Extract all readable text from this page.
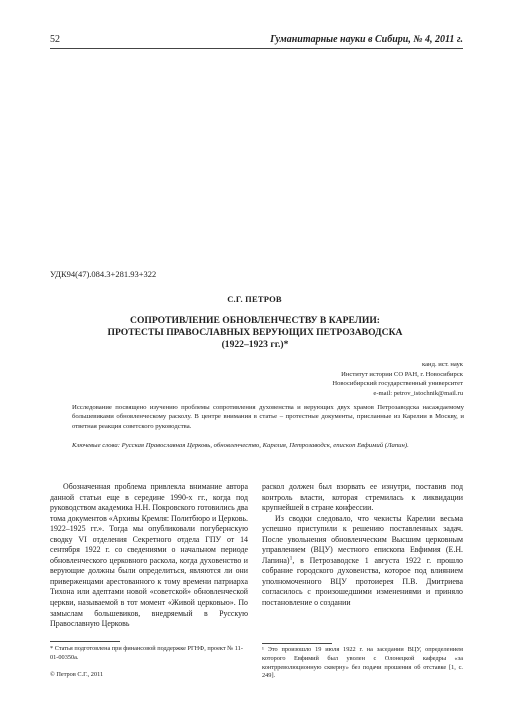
52	Гуманитарные науки в Сибири, № 4, 2011 г.
УДК94(47).084.3+281.93+322
С.Г. ПЕТРОВ
СОПРОТИВЛЕНИЕ ОБНОВЛЕНЧЕСТВУ В КАРЕЛИИ:
ПРОТЕСТЫ ПРАВОСЛАВНЫХ ВЕРУЮЩИХ ПЕТРОЗАВОДСКА
(1922–1923 гг.)*
канд. ист. наук
Институт истории СО РАН, г. Новосибирск
Новосибирский государственный университет
e-mail: petrov_istochnik@mail.ru
Исследование посвящено изучению проблемы сопротивления духовенства и верующих двух храмов Петрозаводска насаждаемому большевиками обновленческому расколу. В центре внимания в статье – протестные документы, присланные из Карелии в Москву, и ответная реакция советского руководства.
Ключевые слова: Русская Православная Церковь, обновленчество, Карелия, Петрозаводск, епископ Евфимий (Лапин).

Обозначенная проблема привлекла внимание автора данной статьи еще в середине 1990-х гг., когда под руководством академика Н.Н. Покровского готовились два тома документов «Архивы Кремля: Политбюро и Церковь. 1922–1925 гг.». Тогда мы опубликовали погубернскую сводку VI отделения Секретного отдела ГПУ от 14 сентября 1922 г. со сведениями о начальном периоде обновленческого церковного раскола, когда духовенство и верующие должны были определиться, являются ли они приверженцами арестованного к тому времени патриарха Тихона или адептами новой «советской» обновленческой церкви, называемой в тот момент «Живой церковью». По замыслам большевиков, внедряемый в Русскую Православную Церковь

раскол должен был взорвать ее изнутри, поставив под контроль власти, которая стремилась к ликвидации крупнейшей в стране конфессии.

Из сводки следовало, что чекисты Карелии весьма успешно приступили к решению поставленных задач. После увольнения обновленческим Высшим церковным управлением (ВЦУ) местного епископа Евфимия (Е.Н. Лапина)$^1$, в Петрозаводске 1 августа 1922 г. прошло собрание городского духовенства, которое под влиянием уполномоченного ВЦУ протоиерея П.В. Дмитриева согласилось с произошедшими изменениями и приняло постановление о создании

* Статья подготовлена при финансовой поддержке РГНФ, проект № 11-01-00350а.
© Петров С.Г., 2011
¹ Это произошло 19 июля 1922 г. на заседании ВЦУ, определением которого Евфимий был уволен с Олонецкой кафедры «за контрреволюционную скверну» без подачи прошения об отставке [1, с. 249].
